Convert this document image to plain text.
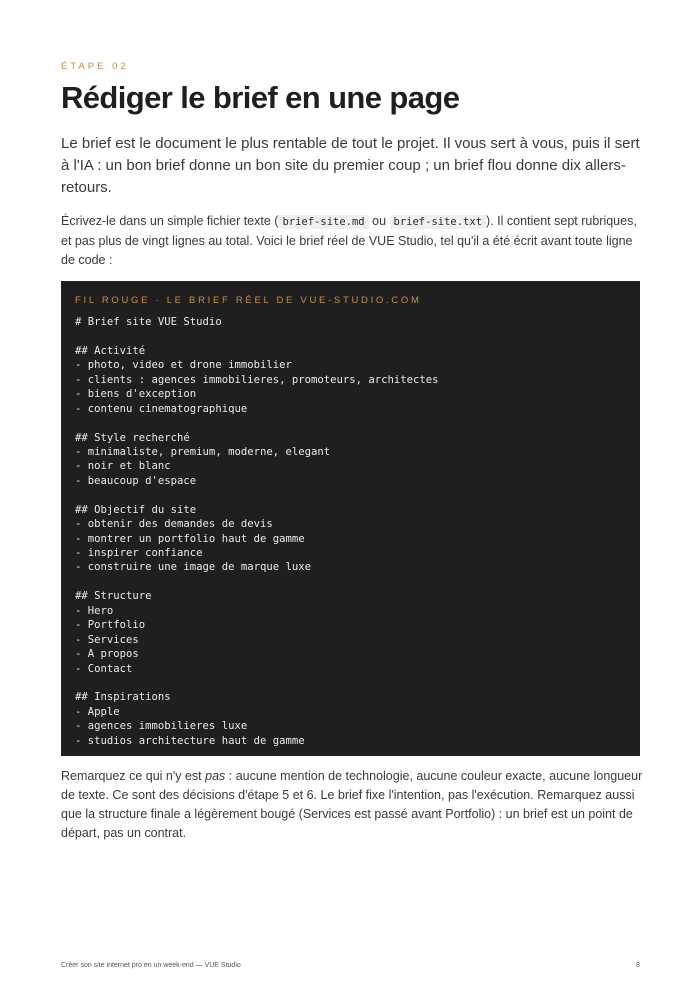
ÉTAPE 02
Rédiger le brief en une page

Le brief est le document le plus rentable de tout le projet. Il vous sert à vous, puis il sert à l'IA : un bon brief donne un bon site du premier coup ; un brief flou donne dix allers-retours.

Écrivez-le dans un simple fichier texte ( brief-site.md ou brief-site.txt ). Il contient sept rubriques, et pas plus de vingt lignes au total. Voici le brief réel de VUE Studio, tel qu'il a été écrit avant toute ligne de code :

FIL ROUGE · LE BRIEF RÉEL DE VUE-STUDIO.COM
# Brief site VUE Studio
## Activité
- photo, video et drone immobilier
- clients : agences immobilieres, promoteurs, architectes
- biens d'exception
- contenu cinematographique
## Style recherché
- minimaliste, premium, moderne, elegant
- noir et blanc
- beaucoup d'espace
## Objectif du site
- obtenir des demandes de devis
- montrer un portfolio haut de gamme
- inspirer confiance
- construire une image de marque luxe
## Structure
- Hero
- Portfolio
- Services
- A propos
- Contact
## Inspirations
- Apple
- agences immobilieres luxe
- studios architecture haut de gamme

Remarquez ce qui n'y est pas : aucune mention de technologie, aucune couleur exacte, aucune longueur de texte. Ce sont des décisions d'étape 5 et 6. Le brief fixe l'intention, pas l'exécution. Remarquez aussi que la structure finale a légèrement bougé (Services est passé avant Portfolio) : un brief est un point de départ, pas un contrat.

Créer son site internet pro en un week-end — VUE Studio	8
